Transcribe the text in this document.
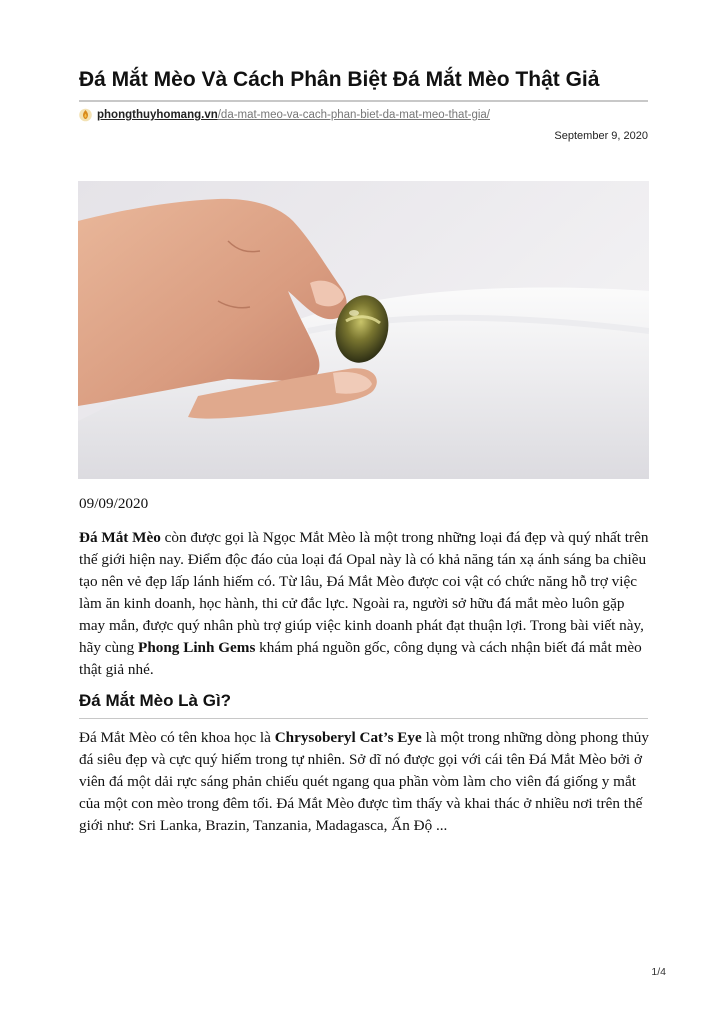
Đá Mắt Mèo Và Cách Phân Biệt Đá Mắt Mèo Thật Giả
phongthuyhomang.vn /da-mat-meo-va-cach-phan-biet-da-mat-meo-that-gia/
September 9, 2020

09/09/2020

Đá Mắt Mèo còn được gọi là Ngọc Mắt Mèo là một trong những loại đá đẹp và quý nhất trên thế giới hiện nay. Điểm độc đáo của loại đá Opal này là có khả năng tán xạ ánh sáng ba chiều tạo nên vẻ đẹp lấp lánh hiếm có. Từ lâu, Đá Mắt Mèo được coi vật có chức năng hỗ trợ việc làm ăn kinh doanh, học hành, thi cử đắc lực. Ngoài ra, người sở hữu đá mắt mèo luôn gặp may mắn, được quý nhân phù trợ giúp việc kinh doanh phát đạt thuận lợi. Trong bài viết này, hãy cùng Phong Linh Gems khám phá nguồn gốc, công dụng và cách nhận biết đá mắt mèo thật giả nhé.

Đá Mắt Mèo Là Gì?

Đá Mắt Mèo có tên khoa học là Chrysoberyl Cat’s Eye là một trong những dòng phong thủy đá siêu đẹp và cực quý hiếm trong tự nhiên. Sở dĩ nó được gọi với cái tên Đá Mắt Mèo bởi ở viên đá một dải rực sáng phản chiếu quét ngang qua phần vòm làm cho viên đá giống y mắt của một con mèo trong đêm tối. Đá Mắt Mèo được tìm thấy và khai thác ở nhiều nơi trên thế giới như: Sri Lanka, Brazin, Tanzania, Madagasca, Ấn Độ ...

1/4
